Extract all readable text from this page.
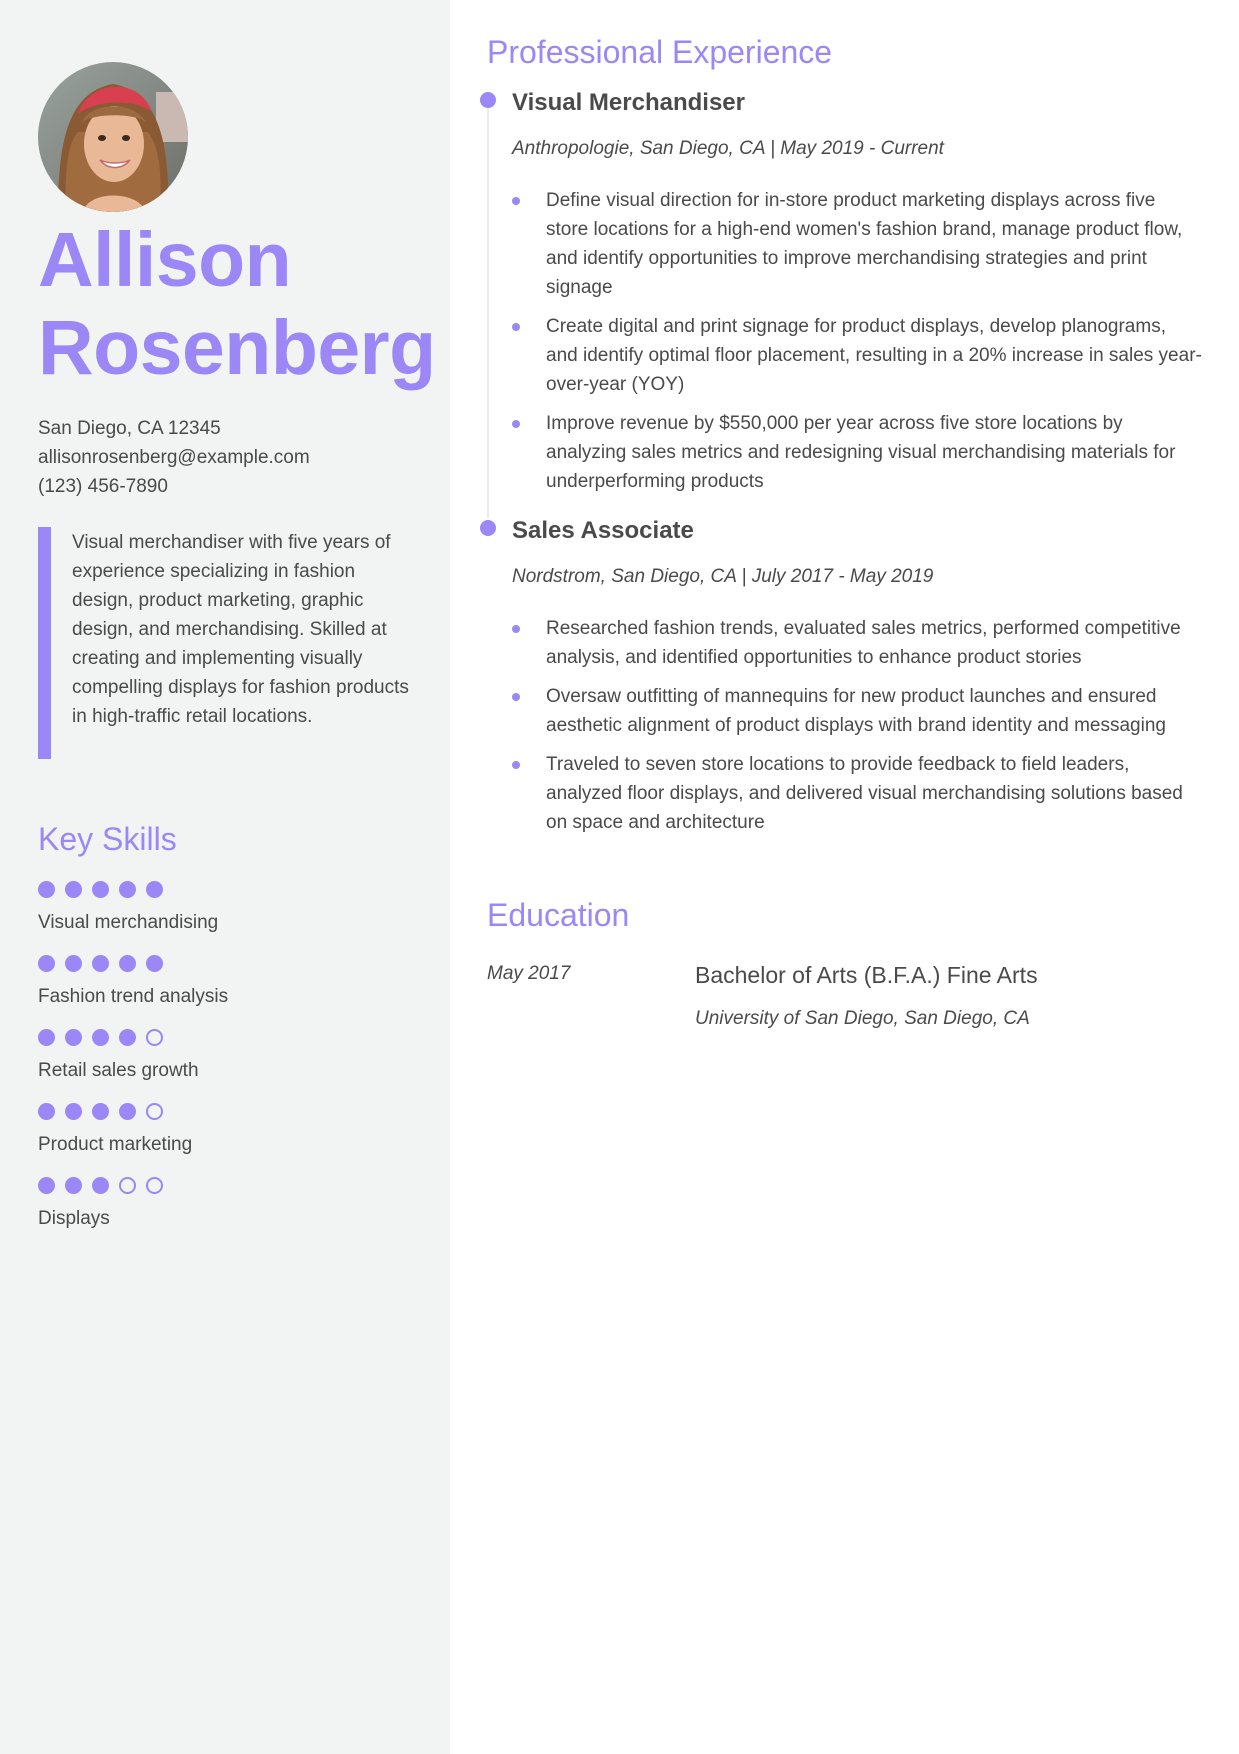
Allison
Rosenberg
San Diego, CA 12345
allisonrosenberg@example.com
(123) 456-7890
Visual merchandiser with five years of experience specializing in fashion design, product marketing, graphic design, and merchandising. Skilled at creating and implementing visually compelling displays for fashion products in high-traffic retail locations.
Key Skills
Visual merchandising
Fashion trend analysis
Retail sales growth
Product marketing
Displays
Professional Experience
Visual Merchandiser
Anthropologie, San Diego, CA | May 2019 - Current
Define visual direction for in-store product marketing displays across five store locations for a high-end women's fashion brand, manage product flow, and identify opportunities to improve merchandising strategies and print signage
Create digital and print signage for product displays, develop planograms, and identify optimal floor placement, resulting in a 20% increase in sales year-over-year (YOY)
Improve revenue by $550,000 per year across five store locations by analyzing sales metrics and redesigning visual merchandising materials for underperforming products
Sales Associate
Nordstrom, San Diego, CA | July 2017 - May 2019
Researched fashion trends, evaluated sales metrics, performed competitive analysis, and identified opportunities to enhance product stories
Oversaw outfitting of mannequins for new product launches and ensured aesthetic alignment of product displays with brand identity and messaging
Traveled to seven store locations to provide feedback to field leaders, analyzed floor displays, and delivered visual merchandising solutions based on space and architecture
Education
May 2017	Bachelor of Arts (B.F.A.) Fine Arts
University of San Diego, San Diego, CA
